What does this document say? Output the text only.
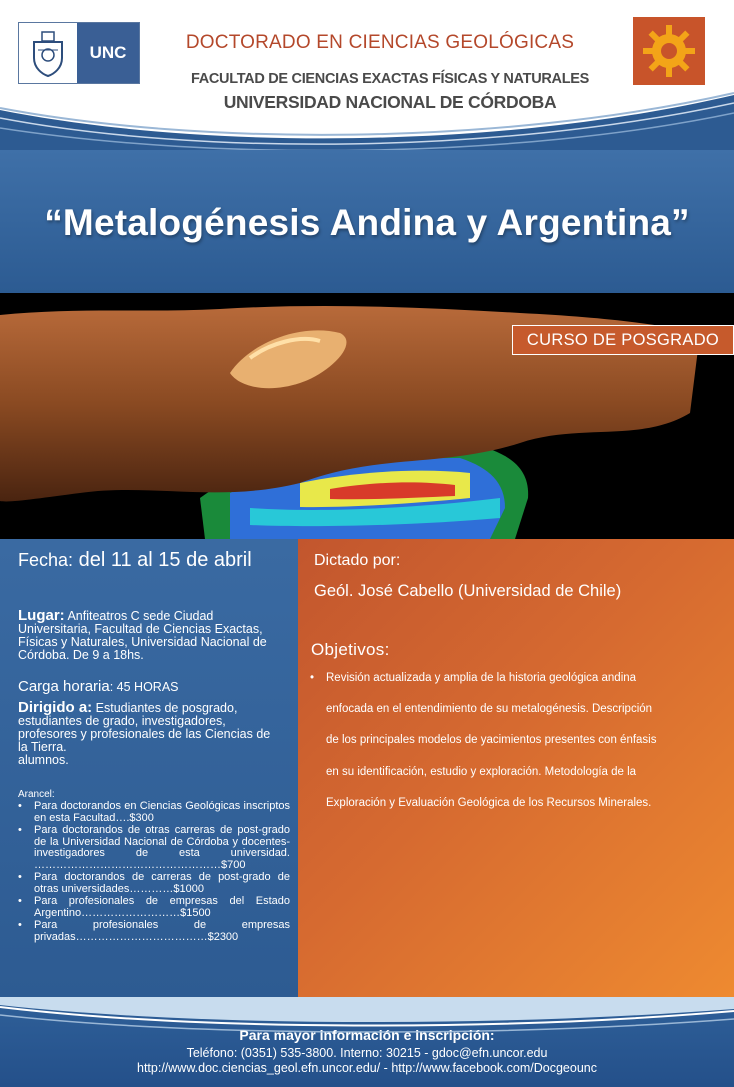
UNC	DOCTORADO EN CIENCIAS GEOLÓGICAS
FACULTAD DE CIENCIAS EXACTAS FÍSICAS Y NATURALES
UNIVERSIDAD NACIONAL DE CÓRDOBA
“Metalogénesis Andina y Argentina”
CURSO DE POSGRADO
Fecha: del 11 al 15 de abril
Lugar: Anfiteatros C sede Ciudad Universitaria, Facultad de Ciencias Exactas, Físicas y Naturales, Universidad Nacional de Córdoba. De 9 a 18hs.
Carga horaria: 45 HORAS
Dirigido a: Estudiantes de posgrado, estudiantes de grado, investigadores, profesores y profesionales de las Ciencias de la Tierra.
alumnos.
Arancel:
• Para doctorandos en Ciencias Geológicas inscriptos en esta Facultad….$300
• Para doctorandos de otras carreras de post-grado de la Universidad Nacional de Córdoba y docentes-investigadores de esta universidad. ……………………………………………$700
• Para doctorandos de carreras de post-grado de otras universidades…………$1000
• Para profesionales de empresas del Estado Argentino………………………$1500
• Para profesionales de empresas privadas………………………………$2300
Dictado por:
Geól. José Cabello (Universidad de Chile)
Objetivos:
• Revisión actualizada y amplia de la historia geológica andina
enfocada en el entendimiento de su metalogénesis. Descripción
de los principales modelos de yacimientos presentes con énfasis
en su identificación, estudio y exploración. Metodología de la
Exploración y Evaluación Geológica de los Recursos Minerales.
Para mayor información e inscripción:
Teléfono: (0351) 535-3800. Interno: 30215 - gdoc@efn.uncor.edu
http://www.doc.ciencias_geol.efn.uncor.edu/ - http://www.facebook.com/Docgeounc
